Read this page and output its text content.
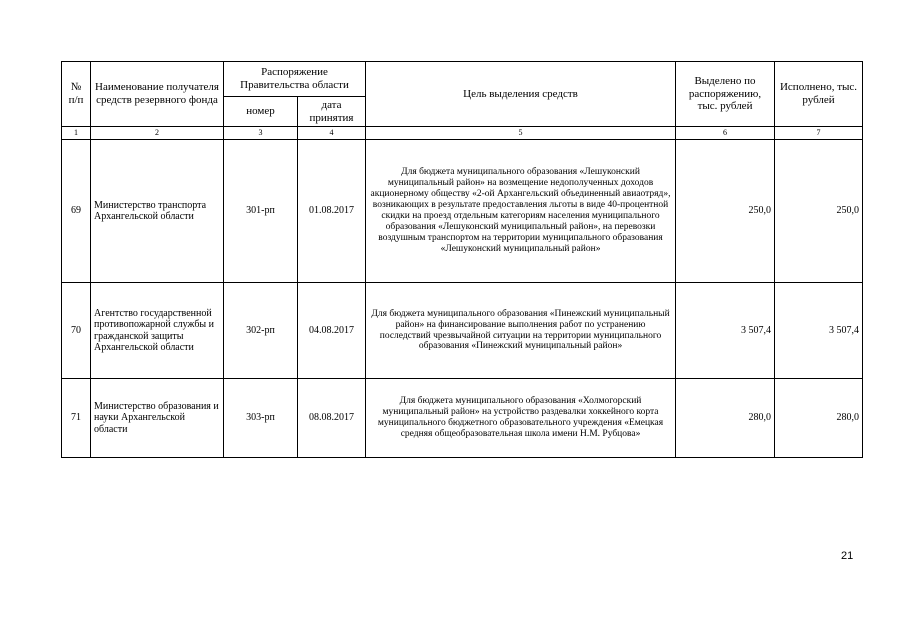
№ п/п	Наименование получателя средств резервного фонда	Распоряжение Правительства области		Цель выделения средств	Выделено по распоряжению, тыс. рублей	Исполнено, тыс. рублей
		номер	дата принятия			
1	2	3	4	5	6	7
69	Министерство транспорта Архангельской области	301-рп	01.08.2017	Для бюджета муниципального образования «Лешуконский муниципальный район» на возмещение недополученных доходов акционерному обществу «2-ой Архангельский объединенный авиаотряд», возникающих в результате предоставления льготы в виде 40-процентной скидки на проезд отдельным категориям населения муниципального образования «Лешуконский муниципальный район», на перевозки воздушным транспортом на территории муниципального образования «Лешуконский муниципальный район»	250,0	250,0
70	Агентство государственной противопожарной службы и гражданской защиты Архангельской области	302-рп	04.08.2017	Для бюджета муниципального образования «Пинежский муниципальный район» на финансирование выполнения работ по устранению последствий чрезвычайной ситуации на территории муниципального образования «Пинежский муниципальный район»	3 507,4	3 507,4
71	Министерство образования и науки Архангельской области	303-рп	08.08.2017	Для бюджета муниципального образования «Холмогорский муниципальный район» на устройство раздевалки хоккейного корта муниципального бюджетного образовательного учреждения «Емецкая средняя общеобразовательная школа имени Н.М. Рубцова»	280,0	280,0
21
